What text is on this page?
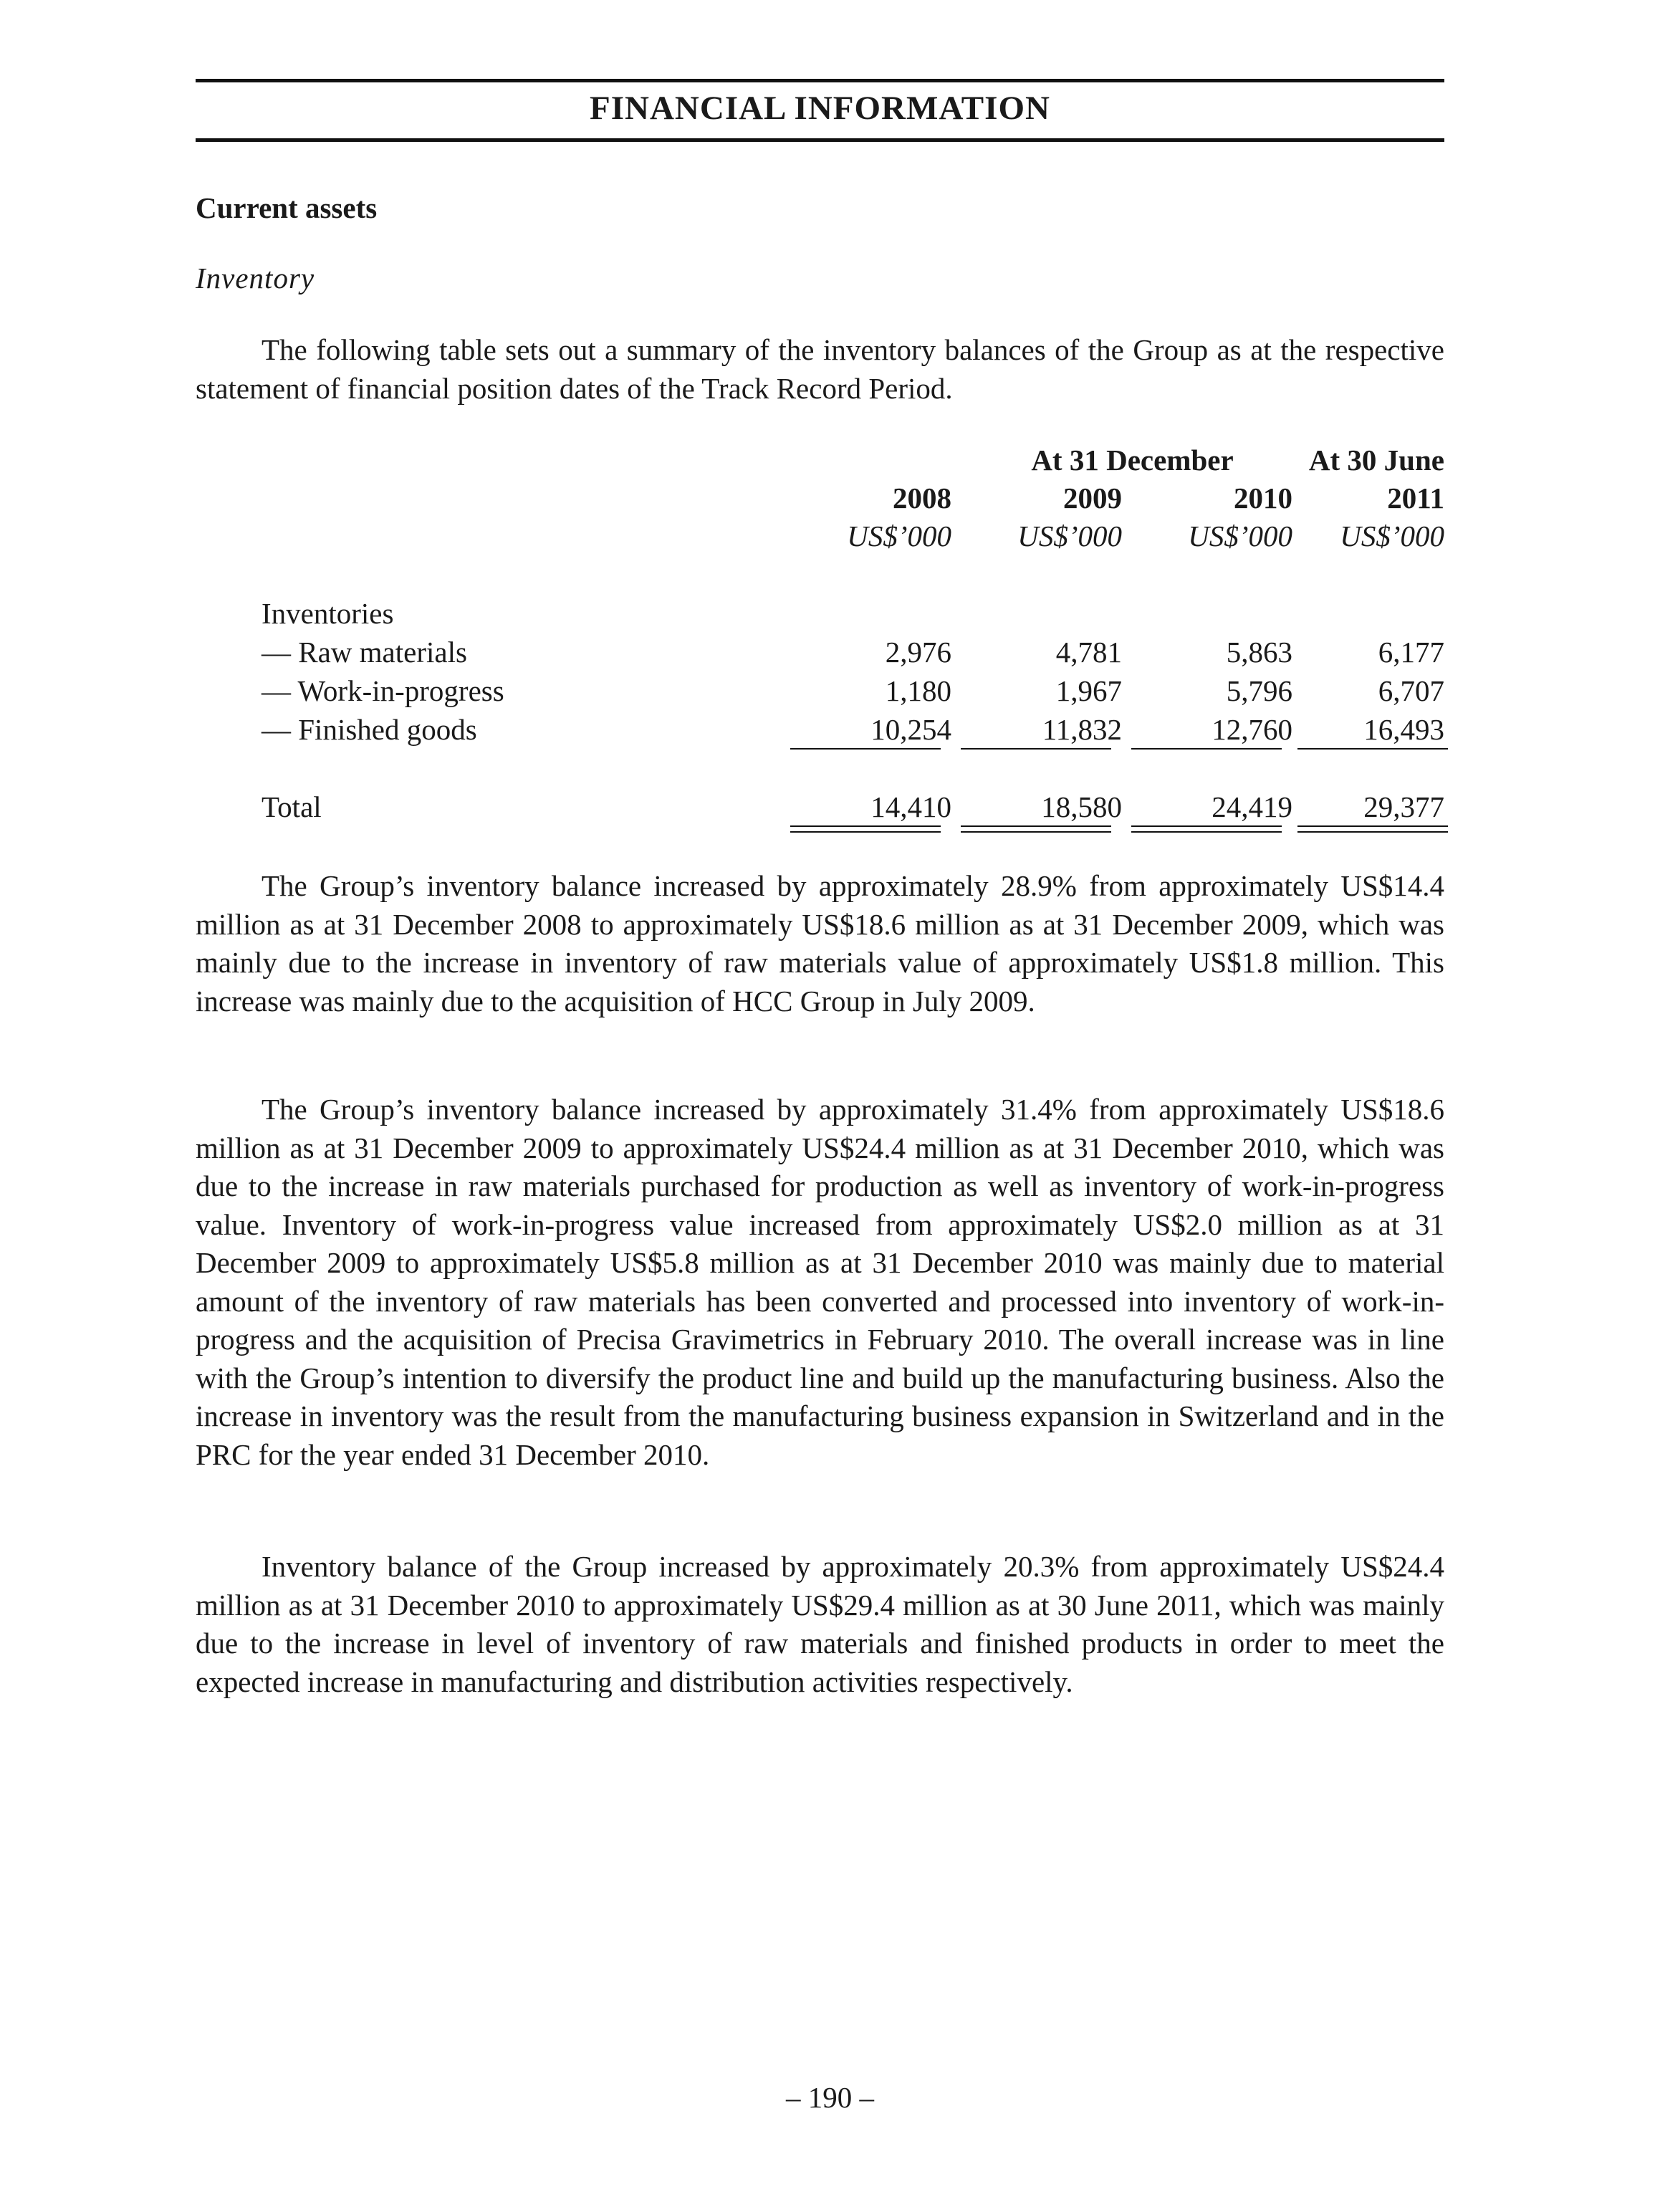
FINANCIAL INFORMATION
Current assets
Inventory

The following table sets out a summary of the inventory balances of the Group as at the respective statement of financial position dates of the Track Record Period.

At 31 December	At 30 June
2008	2009	2010	2011
US$’000	US$’000	US$’000	US$’000
Inventories
— Raw materials	2,976	4,781	5,863	6,177
— Work-in-progress	1,180	1,967	5,796	6,707
— Finished goods	10,254	11,832	12,760	16,493
Total	14,410	18,580	24,419	29,377

The Group’s inventory balance increased by approximately 28.9% from approximately US$14.4 million as at 31 December 2008 to approximately US$18.6 million as at 31 December 2009, which was mainly due to the increase in inventory of raw materials value of approximately US$1.8 million. This increase was mainly due to the acquisition of HCC Group in July 2009.

The Group’s inventory balance increased by approximately 31.4% from approximately US$18.6 million as at 31 December 2009 to approximately US$24.4 million as at 31 December 2010, which was due to the increase in raw materials purchased for production as well as inventory of work-in-progress value. Inventory of work-in-progress value increased from approximately US$2.0 million as at 31 December 2009 to approximately US$5.8 million as at 31 December 2010 was mainly due to material amount of the inventory of raw materials has been converted and processed into inventory of work-in-progress and the acquisition of Precisa Gravimetrics in February 2010. The overall increase was in line with the Group’s intention to diversify the product line and build up the manufacturing business. Also the increase in inventory was the result from the manufacturing business expansion in Switzerland and in the PRC for the year ended 31 December 2010.

Inventory balance of the Group increased by approximately 20.3% from approximately US$24.4 million as at 31 December 2010 to approximately US$29.4 million as at 30 June 2011, which was mainly due to the increase in level of inventory of raw materials and finished products in order to meet the expected increase in manufacturing and distribution activities respectively.

– 190 –
